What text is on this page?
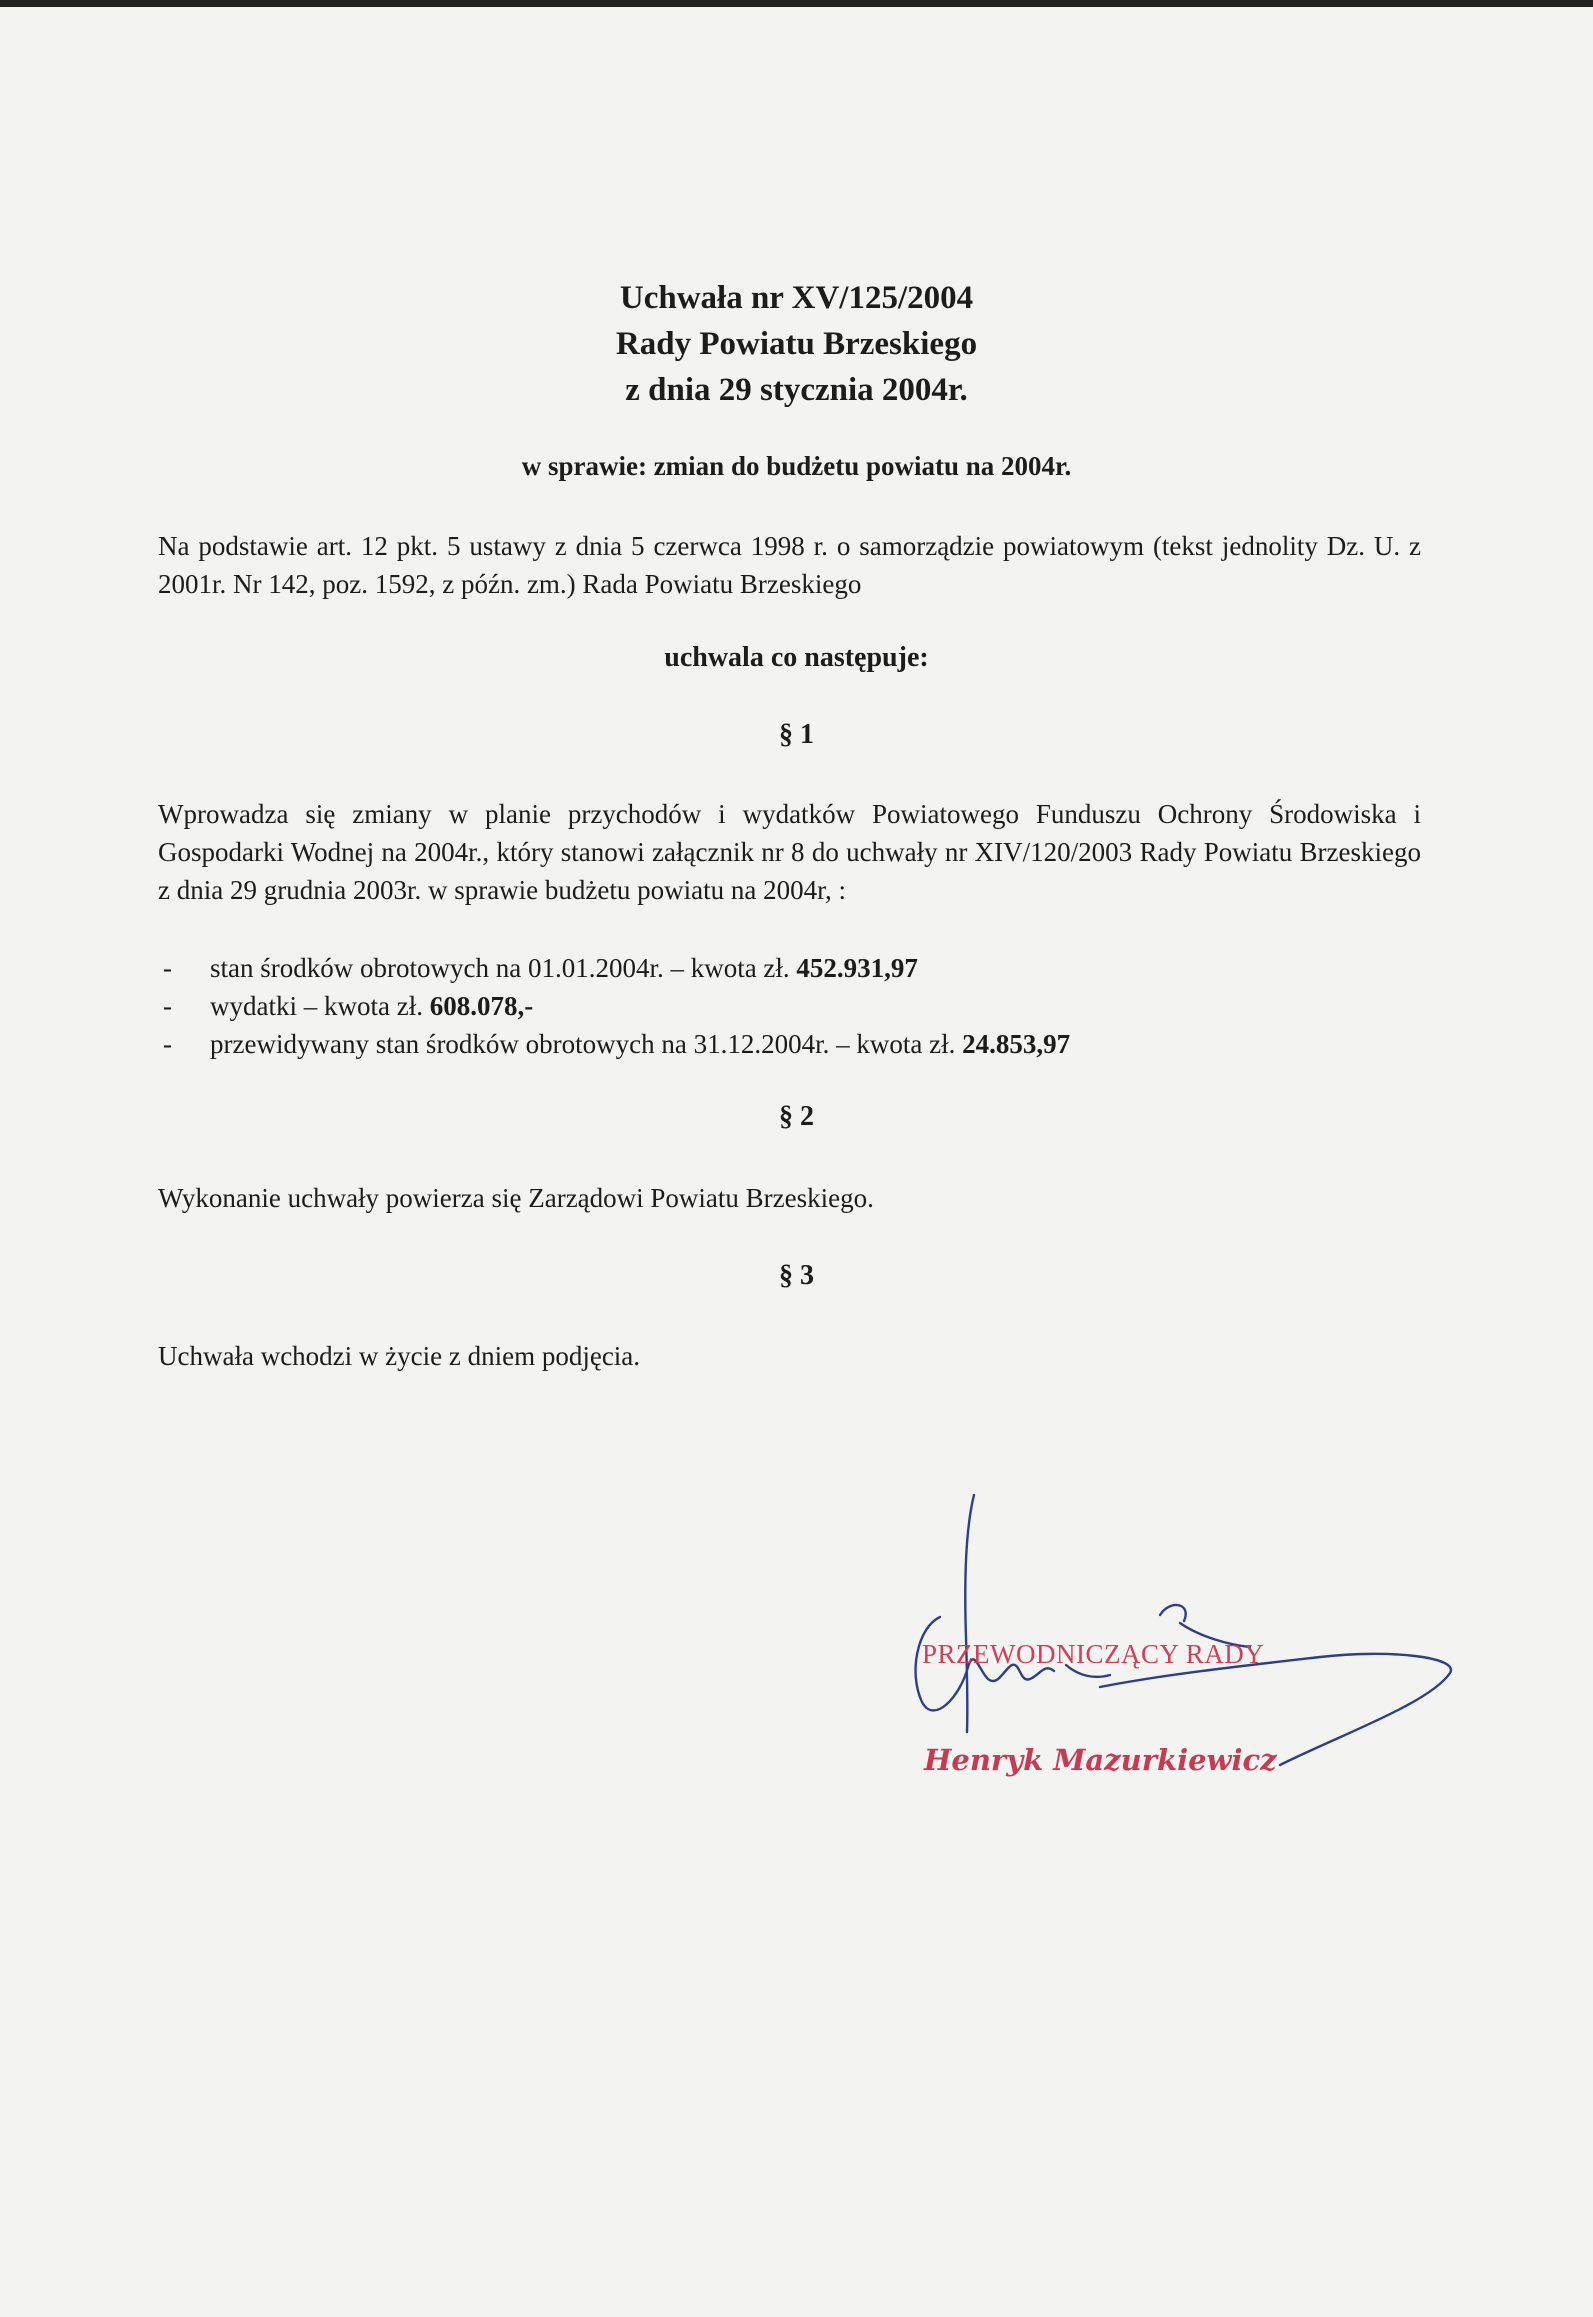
Uchwała nr XV/125/2004
Rady Powiatu Brzeskiego
z dnia 29 stycznia 2004r.
w sprawie: zmian do budżetu powiatu na 2004r.
Na podstawie art. 12 pkt. 5 ustawy z dnia 5 czerwca 1998 r. o samorządzie powiatowym (tekst jednolity Dz. U. z 2001r. Nr 142, poz. 1592, z późn. zm.) Rada Powiatu Brzeskiego
uchwala co następuje:
§ 1
Wprowadza się zmiany w planie przychodów i wydatków Powiatowego Funduszu Ochrony Środowiska i Gospodarki Wodnej na 2004r., który stanowi załącznik nr 8 do uchwały nr XIV/120/2003 Rady Powiatu Brzeskiego z dnia 29 grudnia 2003r. w sprawie budżetu powiatu na 2004r, :
- stan środków obrotowych na 01.01.2004r. – kwota zł. 452.931,97
- wydatki – kwota zł. 608.078,-
- przewidywany stan środków obrotowych na 31.12.2004r. – kwota zł. 24.853,97
§ 2
Wykonanie uchwały powierza się Zarządowi Powiatu Brzeskiego.
§ 3
Uchwała wchodzi w życie z dniem podjęcia.
PRZEWODNICZĄCY RADY
Henryk Mazurkiewicz
